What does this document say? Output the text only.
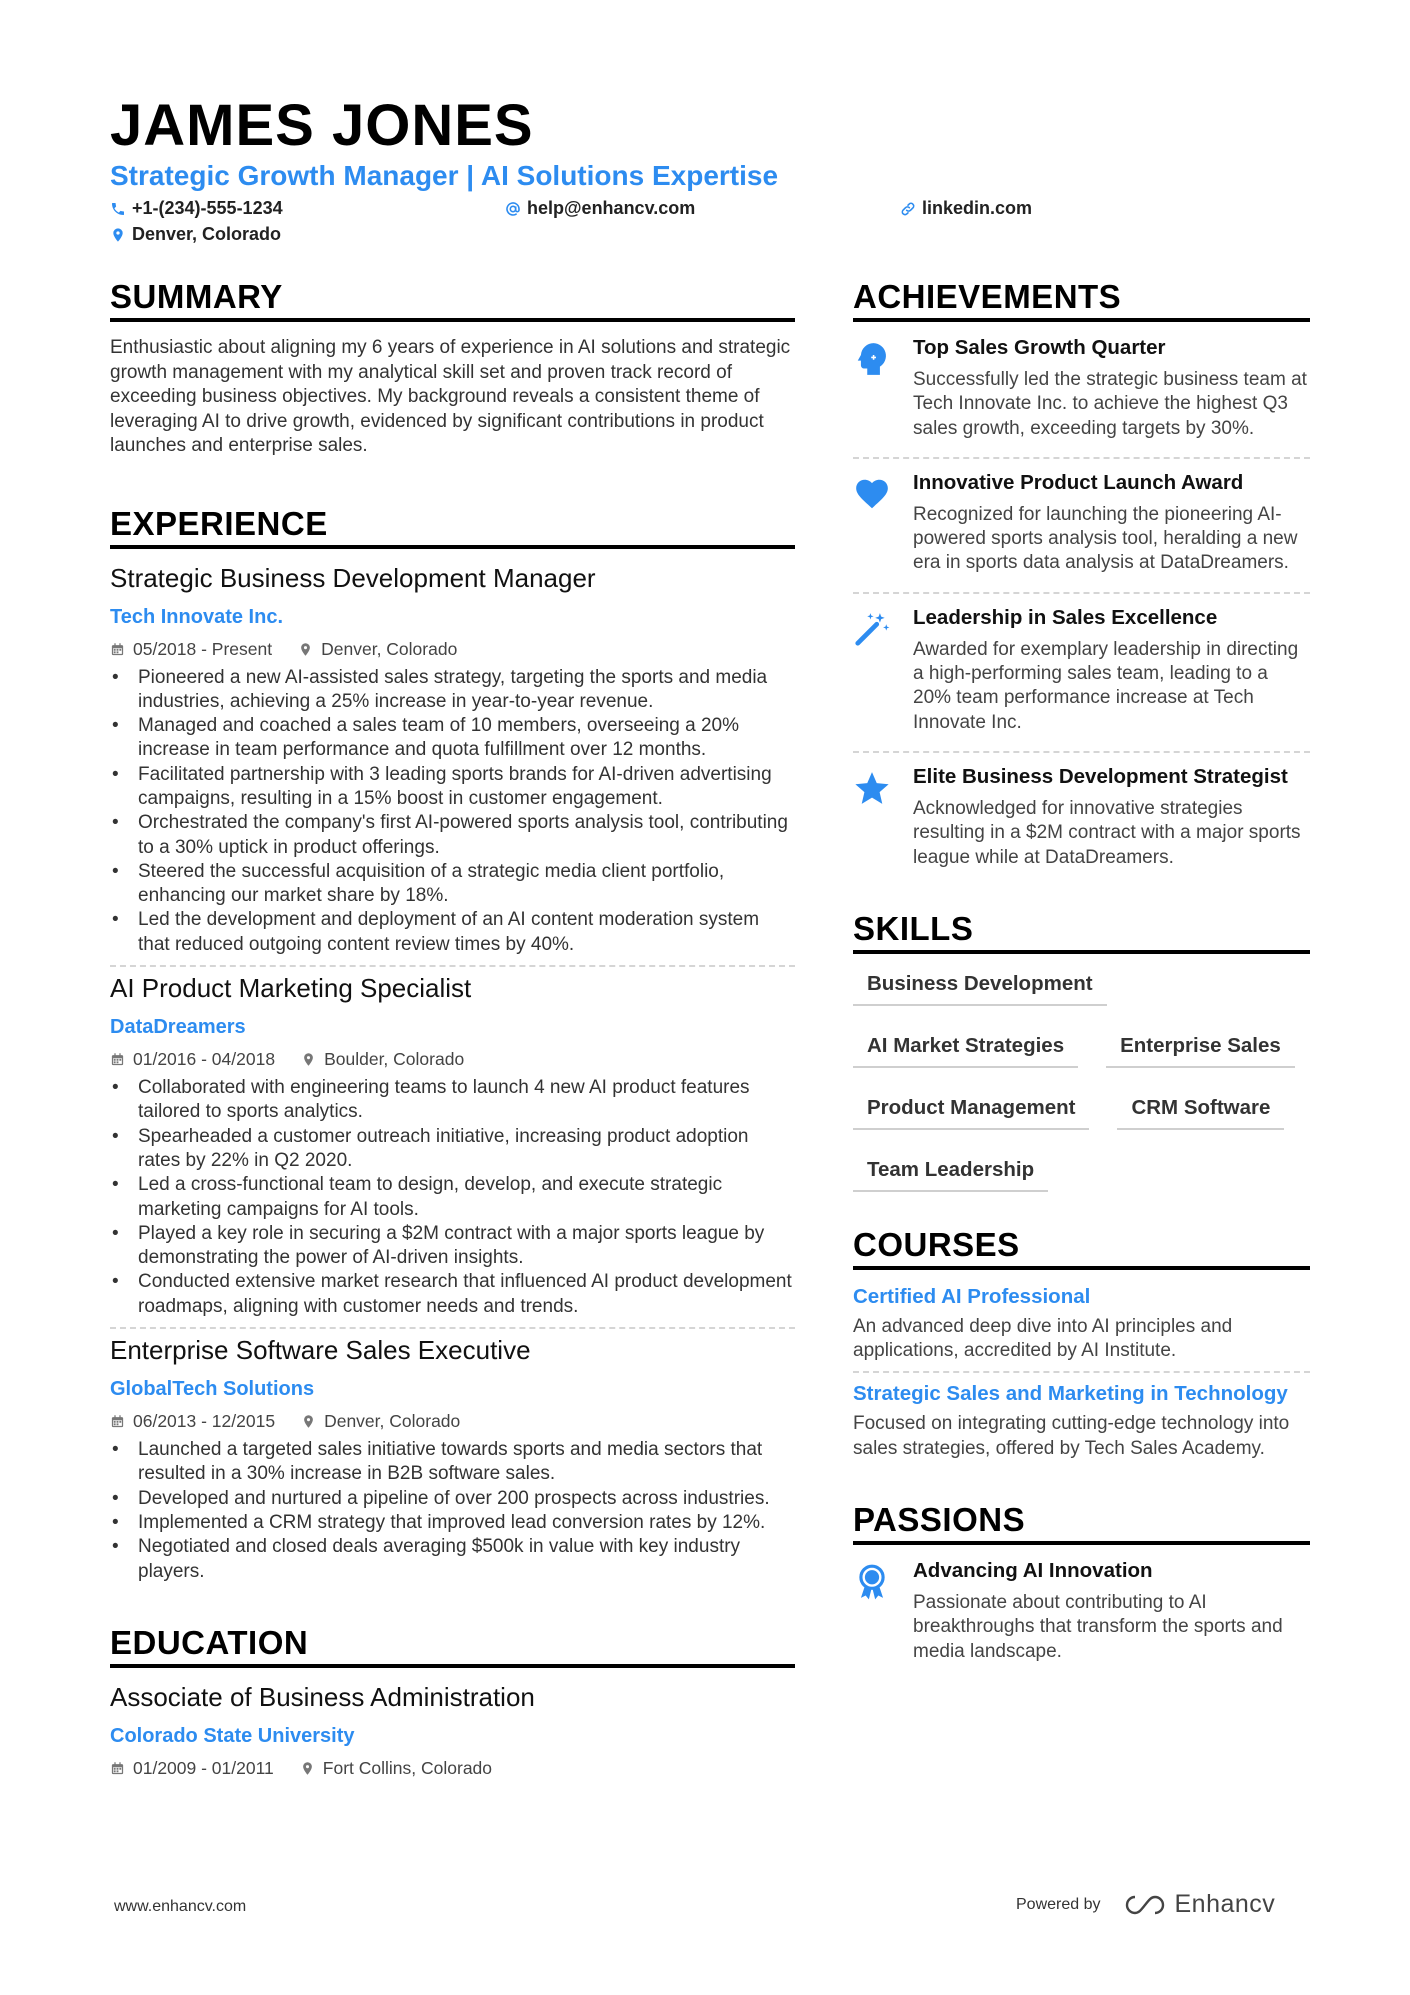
JAMES JONES
Strategic Growth Manager | AI Solutions Expertise
+1-(234)-555-1234	help@enhancv.com	linkedin.com
Denver, Colorado
SUMMARY
Enthusiastic about aligning my 6 years of experience in AI solutions and strategic growth management with my analytical skill set and proven track record of exceeding business objectives. My background reveals a consistent theme of leveraging AI to drive growth, evidenced by significant contributions in product launches and enterprise sales.
EXPERIENCE
Strategic Business Development Manager
Tech Innovate Inc.
05/2018 - Present	Denver, Colorado
• Pioneered a new AI-assisted sales strategy, targeting the sports and media industries, achieving a 25% increase in year-to-year revenue.
• Managed and coached a sales team of 10 members, overseeing a 20% increase in team performance and quota fulfillment over 12 months.
• Facilitated partnership with 3 leading sports brands for AI-driven advertising campaigns, resulting in a 15% boost in customer engagement.
• Orchestrated the company's first AI-powered sports analysis tool, contributing to a 30% uptick in product offerings.
• Steered the successful acquisition of a strategic media client portfolio, enhancing our market share by 18%.
• Led the development and deployment of an AI content moderation system that reduced outgoing content review times by 40%.
AI Product Marketing Specialist
DataDreamers
01/2016 - 04/2018	Boulder, Colorado
• Collaborated with engineering teams to launch 4 new AI product features tailored to sports analytics.
• Spearheaded a customer outreach initiative, increasing product adoption rates by 22% in Q2 2020.
• Led a cross-functional team to design, develop, and execute strategic marketing campaigns for AI tools.
• Played a key role in securing a $2M contract with a major sports league by demonstrating the power of AI-driven insights.
• Conducted extensive market research that influenced AI product development roadmaps, aligning with customer needs and trends.
Enterprise Software Sales Executive
GlobalTech Solutions
06/2013 - 12/2015	Denver, Colorado
• Launched a targeted sales initiative towards sports and media sectors that resulted in a 30% increase in B2B software sales.
• Developed and nurtured a pipeline of over 200 prospects across industries.
• Implemented a CRM strategy that improved lead conversion rates by 12%.
• Negotiated and closed deals averaging $500k in value with key industry players.
EDUCATION
Associate of Business Administration
Colorado State University
01/2009 - 01/2011	Fort Collins, Colorado
ACHIEVEMENTS
Top Sales Growth Quarter
Successfully led the strategic business team at Tech Innovate Inc. to achieve the highest Q3 sales growth, exceeding targets by 30%.
Innovative Product Launch Award
Recognized for launching the pioneering AI-powered sports analysis tool, heralding a new era in sports data analysis at DataDreamers.
Leadership in Sales Excellence
Awarded for exemplary leadership in directing a high-performing sales team, leading to a 20% team performance increase at Tech Innovate Inc.
Elite Business Development Strategist
Acknowledged for innovative strategies resulting in a $2M contract with a major sports league while at DataDreamers.
SKILLS
Business Development
AI Market Strategies	Enterprise Sales
Product Management	CRM Software
Team Leadership
COURSES
Certified AI Professional
An advanced deep dive into AI principles and applications, accredited by AI Institute.
Strategic Sales and Marketing in Technology
Focused on integrating cutting-edge technology into sales strategies, offered by Tech Sales Academy.
PASSIONS
Advancing AI Innovation
Passionate about contributing to AI breakthroughs that transform the sports and media landscape.
www.enhancv.com	Powered by	Enhancv
